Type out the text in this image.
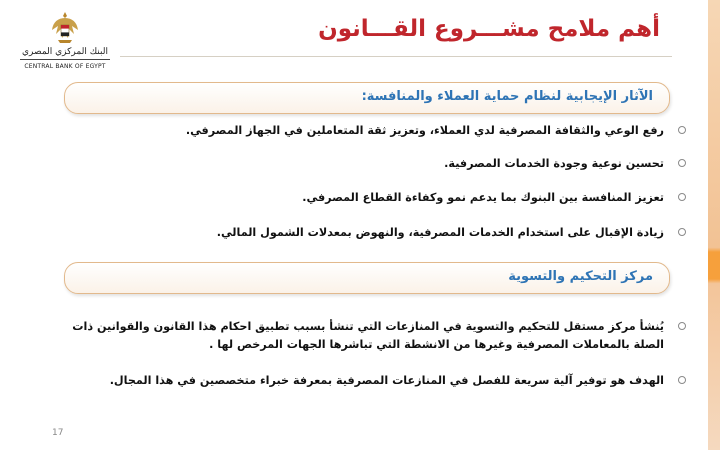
البنك المركزي المصري
CENTRAL BANK OF EGYPT
أهم ملامح مشـــروع القـــانون
الآثار الإيجابية لنظام حماية العملاء والمنافسة:
رفع الوعي والثقافة المصرفية لدي العملاء، وتعزيز ثقة المتعاملين في الجهاز المصرفي.
تحسين نوعية وجودة الخدمات المصرفية.
تعزيز المنافسة بين البنوك بما يدعم نمو وكفاءة القطاع المصرفي.
زيادة الإقبال على استخدام الخدمات المصرفية، والنهوض بمعدلات الشمول المالي.
مركز التحكيم والتسوية
يُنشأ مركز مستقل للتحكيم والتسوية في المنازعات التي تنشأ بسبب تطبيق احكام هذا القانون والقوانين ذات الصلة بالمعاملات المصرفية وغيرها من الانشطة التي تباشرها الجهات المرخص لها .
الهدف هو توفير آلية سريعة للفصل في المنازعات المصرفية بمعرفة خبراء متخصصين في هذا المجال.
17
